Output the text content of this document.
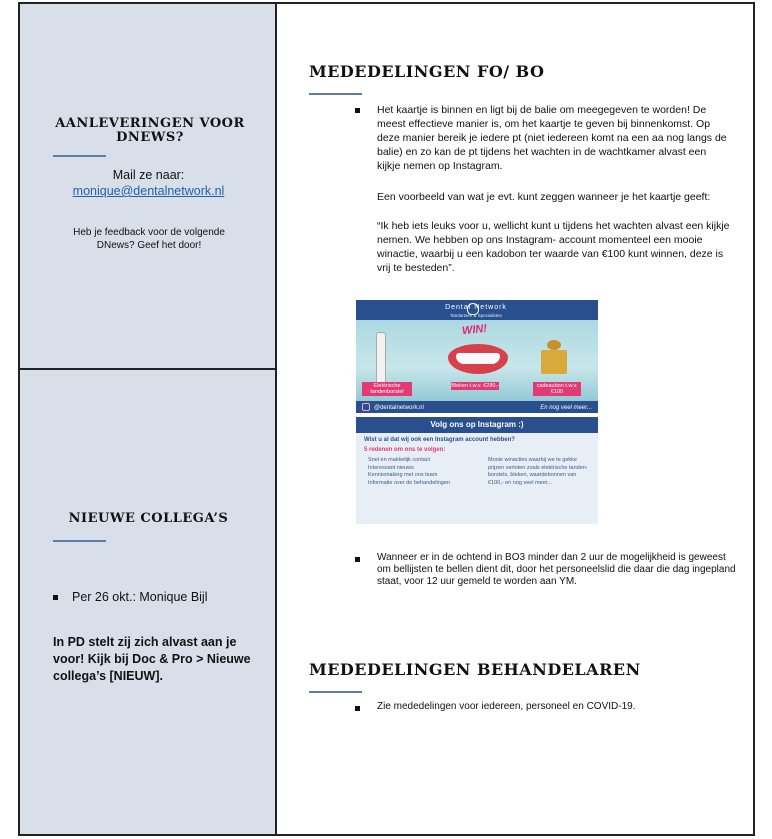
AANLEVERINGEN VOOR DNEWS?
Mail ze naar:
monique@dentalnetwork.nl
Heb je feedback voor de volgende DNews? Geef het door!
NIEUWE COLLEGA’S
Per 26 okt.: Monique Bijl
In PD stelt zij zich alvast aan je voor! Kijk bij Doc & Pro > Nieuwe collega’s [NIEUW].
MEDEDELINGEN FO/ BO
Het kaartje is binnen en ligt bij de balie om meegegeven te worden! De meest effectieve manier is, om het kaartje te geven bij binnenkomst. Op deze manier bereik je iedere pt (niet iedereen komt na een aa nog langs de balie) en zo kan de pt tijdens het wachten in de wachtkamer alvast een kijkje nemen op Instagram.
Een voorbeeld van wat je evt. kunt zeggen wanneer je het kaartje geeft:
“Ik heb iets leuks voor u, wellicht kunt u tijdens het wachten alvast een kijkje nemen. We hebben op ons Instagram- account momenteel een mooie winactie, waarbij u een kadobon ter waarde van €100 kunt winnen, deze is vrij te besteden”.
Dental Network
Tandartsen & Specialisten
WIN!
Elektrische tandenborstel
Bleken t.w.v. €280,-	cadeaubon t.w.v. €100
@dentalnetwork.nl	En nog veel meer...
Volg ons op Instagram :)
Wist u al dat wij ook een Instagram account hebben?
5 redenen om ons te volgen:
Snel en makkelijk contact
Interessant nieuws
Kennismaking met ons team
Informatie over de behandelingen
Mooie winacties waarbij we te gekke prijzen verloten zoals elektrische tanden-borstels, bleken, waardebonnen van €100,- en nog veel meer...
Wanneer er in de ochtend in BO3 minder dan 2 uur de mogelijkheid is geweest om bellijsten te bellen dient dit, door het personeelslid die daar die dag ingepland staat, voor 12 uur gemeld te worden aan YM.
MEDEDELINGEN BEHANDELAREN
Zie mededelingen voor iedereen, personeel en COVID-19.
